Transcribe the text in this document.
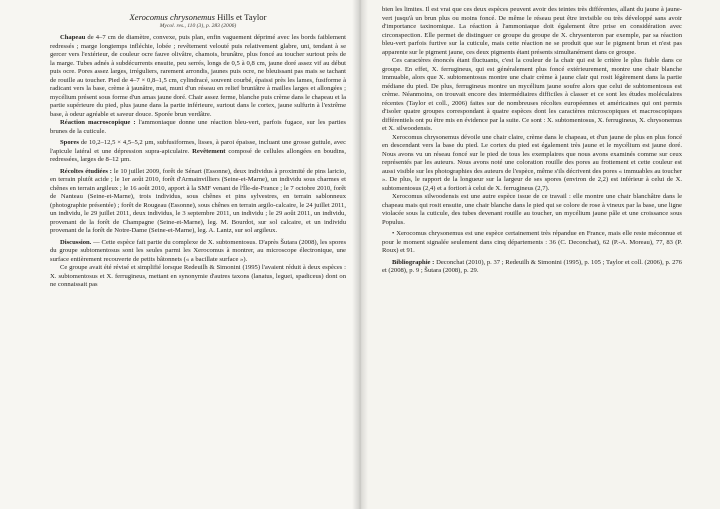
Xerocomus chrysonemus Hills et Taylor

Mycol. res., 110 (3), p. 283 (2006)

Chapeau de 4–7 cm de diamètre, convexe, puis plan, enfin vaguement déprimé avec les bords faiblement redressés ; marge longtemps infléchie, lobée ; revêtement velouté puis relativement glabre, uni, tendant à se gercer vers l'extérieur, de couleur ocre fauve olivâtre, chamois, brunâtre, plus foncé au toucher surtout près de la marge. Tubes adnés à subdécurrents ensuite, peu serrés, longs de 0,5 à 0,8 cm, jaune doré assez vif au début puis ocre. Pores assez larges, irréguliers, rarement arrondis, jaunes puis ocre, ne bleuissant pas mais se tachant de rouille au toucher. Pied de 4–7 × 0,8–1,5 cm, cylindracé, souvent courbé, épaissi près les lames, fusiforme à radicant vers la base, crème à jaunâtre, mat, muni d'un réseau en relief bruniâtre à mailles larges et allongées ; mycélium présent sous forme d'un amas jaune doré. Chair assez ferme, blanche puis crème dans le chapeau et la partie supérieure du pied, plus jaune dans la partie inférieure, surtout dans le cortex, jaune sulfurin à l'extrême base, à odeur agréable et saveur douce. Sporée brun verdâtre.

Réaction macroscopique : l'ammoniaque donne une réaction bleu-vert, parfois fugace, sur les parties brunes de la cuticule.

Spores de 10,2–12,5 × 4,5–5,2 µm, subfusiformes, lisses, à paroi épaisse, incluant une grosse guttule, avec l'apicule latéral et une dépression supra-apiculaire. Revêtement composé de cellules allongées en boudins, redressées, larges de 8–12 µm.

Récoltes étudiées : le 10 juillet 2009, forêt de Sénart (Essonne), deux individus à proximité de pins laricio, en terrain plutôt acide ; le 1er août 2010, forêt d'Armainvilliers (Seine-et-Marne), un individu sous charmes et chênes en terrain argileux ; le 16 août 2010, apport à la SMF venant de l'Île-de-France ; le 7 octobre 2010, forêt de Nanteau (Seine-et-Marne), trois individus, sous chênes et pins sylvestres, en terrain sablonneux (photographie présentée) ; forêt de Rougeau (Essonne), sous chênes en terrain argilo-calcaire, le 24 juillet 2011, un individu, le 29 juillet 2011, deux individus, le 3 septembre 2011, un individu ; le 29 août 2011, un individu, provenant de la forêt de Champagne (Seine-et-Marne), leg. M. Bourdot, sur sol calcaire, et un individu provenant de la forêt de Notre-Dame (Seine-et-Marne), leg. A. Lantz, sur sol argileux.

Discussion. — Cette espèce fait partie du complexe de X. subtomentosus. D'après Šutara (2008), les spores du groupe subtomentosus sont les seules parmi les Xerocomus à montrer, au microscope électronique, une surface entièrement recouverte de petits bâtonnets (« a bacillate surface »).

Ce groupe avait été révisé et simplifié lorsque Redeuilh & Simonini (1995) l'avaient réduit à deux espèces : X. subtomentosus et X. ferrugineus, mettant en synonymie d'autres taxons (lanatus, leguei, spadiceus) dont on ne connaissait pas

bien les limites. Il est vrai que ces deux espèces peuvent avoir des teintes très différentes, allant du jaune à jaune-vert jusqu'à un brun plus ou moins foncé. De même le réseau peut être invisible ou très développé sans avoir d'importance taxinomique. La réaction à l'ammoniaque doit également être prise en considération avec circonspection. Elle permet de distinguer ce groupe du groupe de X. chrysenteron par exemple, par sa réaction bleu-vert parfois furtive sur la cuticule, mais cette réaction ne se produit que sur le pigment brun et n'est pas apparente sur le pigment jaune, ces deux pigments étant présents simultanément dans ce groupe.

Ces caractères énoncés étant fluctuants, c'est la couleur de la chair qui est le critère le plus fiable dans ce groupe. En effet, X. ferrugineus, qui est généralement plus foncé extérieurement, montre une chair blanche immuable, alors que X. subtomentosus montre une chair crème à jaune clair qui rosit légèrement dans la partie médiane du pied. De plus, ferrugineus montre un mycélium jaune soufre alors que celui de subtomentosus est crème. Néanmoins, on trouvait encore des intermédiaires difficiles à classer et ce sont les études moléculaires récentes (Taylor et coll., 2006) faites sur de nombreuses récoltes européennes et américaines qui ont permis d'isoler quatre groupes correspondant à quatre espèces dont les caractères microscopiques et macroscopiques différentiels ont pu être mis en évidence par la suite. Ce sont : X. subtomentosus, X. ferrugineus, X. chrysonemus et X. silwoodensis.

Xerocomus chrysonemus dévoile une chair claire, crème dans le chapeau, et d'un jaune de plus en plus foncé en descendant vers la base du pied. Le cortex du pied est également très jaune et le mycélium est jaune doré. Nous avons vu un réseau foncé sur le pied de tous les exemplaires que nous avons examinés comme sur ceux représentés par les auteurs. Nous avons noté une coloration rouille des pores au frottement et cette couleur est aussi visible sur les photographies des auteurs de l'espèce, même s'ils décrivent des pores « immuables au toucher ». De plus, le rapport de la longueur sur la largeur de ses spores (environ de 2,2) est inférieur à celui de X. subtomentosus (2,4) et a fortiori à celui de X. ferrugineus (2,7).

Xerocomus silwoodensis est une autre espèce issue de ce travail : elle montre une chair blanchâtre dans le chapeau mais qui rosit ensuite, une chair blanche dans le pied qui se colore de rose à vineux par la base, une ligne violacée sous la cuticule, des tubes devenant rouille au toucher, un mycélium jaune pâle et une croissance sous Populus.

• Xerocomus chrysonemus est une espèce certainement très répandue en France, mais elle reste méconnue et pour le moment signalée seulement dans cinq départements : 36 (C. Deconchat), 62 (P.-A. Moreau), 77, 83 (P. Roux) et 91.

Bibliographie : Deconchat (2010), p. 37 ; Redeuilh & Simonini (1995), p. 105 ; Taylor et coll. (2006), p. 276 et (2008), p. 9 ; Šutara (2008), p. 29.
